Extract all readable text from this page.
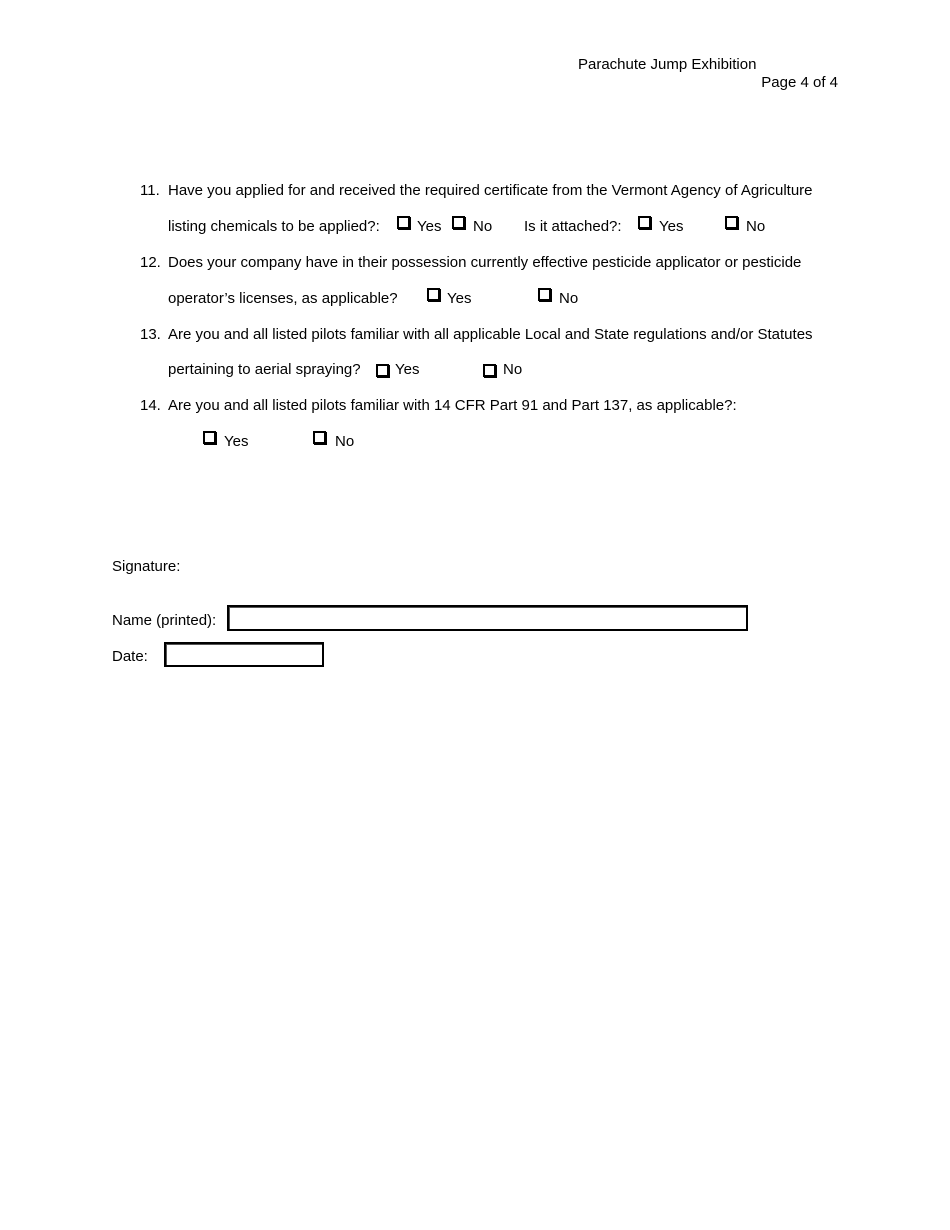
Parachute Jump Exhibition
Page 4 of 4
11. Have you applied for and received the required certificate from the Vermont Agency of Agriculture
listing chemicals to be applied?: Yes No Is it attached?: Yes	No
12. Does your company have in their possession currently effective pesticide applicator or pesticide
operator’s licenses, as applicable?	Yes	No
13. Are you and all listed pilots familiar with all applicable Local and State regulations and/or Statutes
pertaining to aerial spraying? Yes	No
14. Are you and all listed pilots familiar with 14 CFR Part 91 and Part 137, as applicable?:
Yes	No
Signature:
Name (printed):
Date:
